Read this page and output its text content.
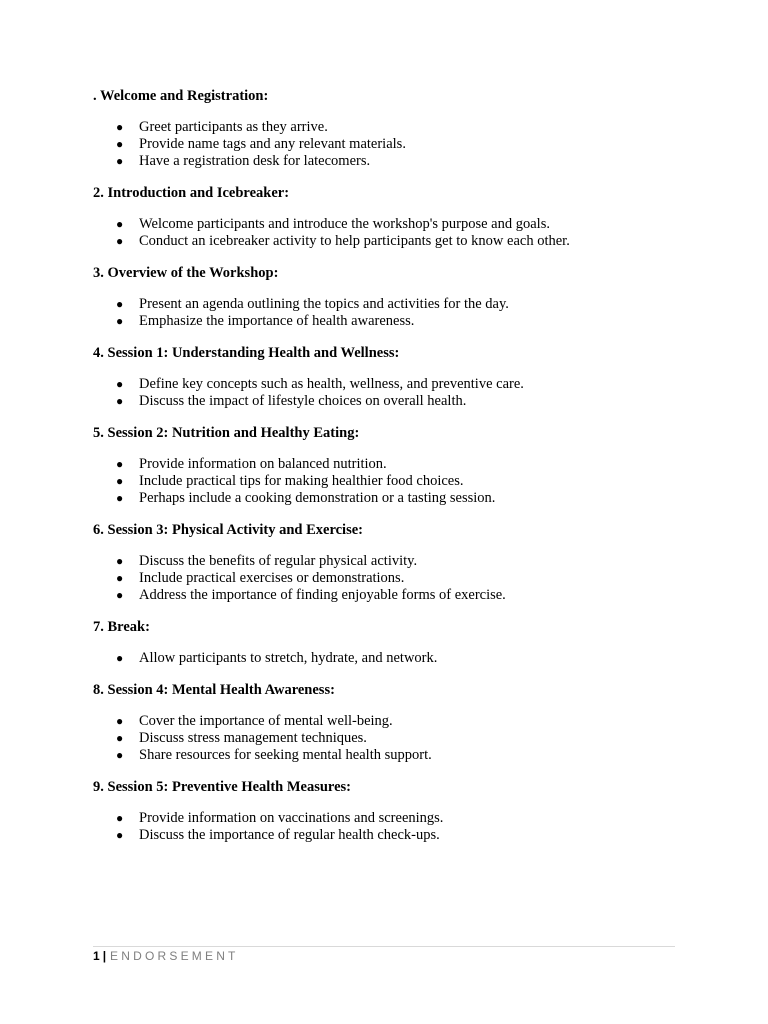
. Welcome and Registration:
● Greet participants as they arrive.
● Provide name tags and any relevant materials.
● Have a registration desk for latecomers.
2. Introduction and Icebreaker:
● Welcome participants and introduce the workshop's purpose and goals.
● Conduct an icebreaker activity to help participants get to know each other.
3. Overview of the Workshop:
● Present an agenda outlining the topics and activities for the day.
● Emphasize the importance of health awareness.
4. Session 1: Understanding Health and Wellness:
● Define key concepts such as health, wellness, and preventive care.
● Discuss the impact of lifestyle choices on overall health.
5. Session 2: Nutrition and Healthy Eating:
● Provide information on balanced nutrition.
● Include practical tips for making healthier food choices.
● Perhaps include a cooking demonstration or a tasting session.
6. Session 3: Physical Activity and Exercise:
● Discuss the benefits of regular physical activity.
● Include practical exercises or demonstrations.
● Address the importance of finding enjoyable forms of exercise.
7. Break:
● Allow participants to stretch, hydrate, and network.
8. Session 4: Mental Health Awareness:
● Cover the importance of mental well-being.
● Discuss stress management techniques.
● Share resources for seeking mental health support.
9. Session 5: Preventive Health Measures:
● Provide information on vaccinations and screenings.
● Discuss the importance of regular health check-ups.
1 | ENDORSEMENT
